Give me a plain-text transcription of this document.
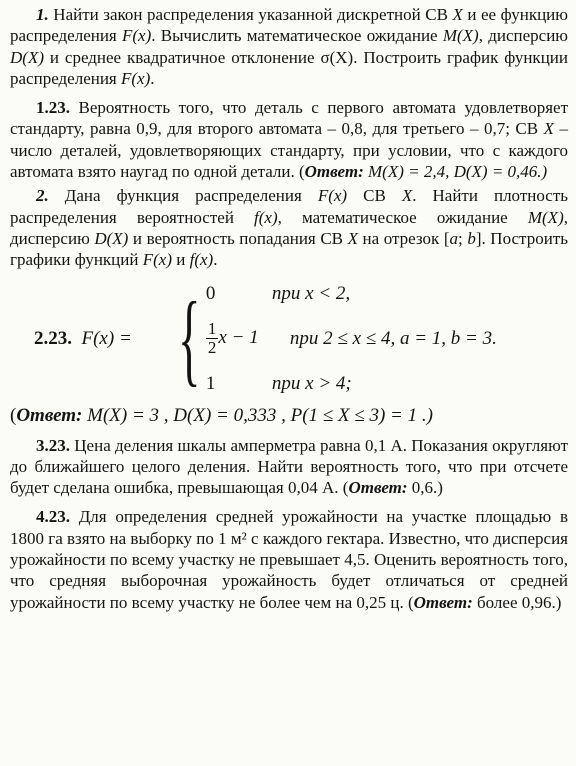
1. Найти закон распределения указанной дискретной СВ X и ее функцию распределения F(x). Вычислить математическое ожидание M(X), дисперсию D(X) и среднее квадратичное отклонение σ(X). Построить график функции распределения F(x).

1.23. Вероятность того, что деталь с первого автомата удовлетворяет стандарту, равна 0,9, для второго автомата – 0,8, для третьего – 0,7; СВ X – число деталей, удовлетворяющих стандарту, при условии, что с каждого автомата взято наугад по одной детали. (Ответ: M(X) = 2,4, D(X) = 0,46.)

2. Дана функция распределения F(x) СВ X. Найти плотность распределения вероятностей f(x), математическое ожидание M(X), дисперсию D(X) и вероятность попадания СВ X на отрезок [a; b]. Построить графики функций F(x) и f(x).

2.23. F(x) = { 0	при x < 2,
$\frac{1}{2}$ x − 1	при 2 ≤ x ≤ 4, a = 1, b = 3.
1	при x > 4;

(Ответ: M(X) = 3 , D(X) = 0,333 , P(1 ≤ X ≤ 3) = 1 .)

3.23. Цена деления шкалы амперметра равна 0,1 А. Показания округляют до ближайшего целого деления. Найти вероятность того, что при отсчете будет сделана ошибка, превышающая 0,04 А. (Ответ: 0,6.)

4.23. Для определения средней урожайности на участке площадью в 1800 га взято на выборку по 1 м² с каждого гектара. Известно, что дисперсия урожайности по всему участку не превышает 4,5. Оценить вероятность того, что средняя выборочная урожайность будет отличаться от средней урожайности по всему участку не более чем на 0,25 ц. (Ответ: более 0,96.)
